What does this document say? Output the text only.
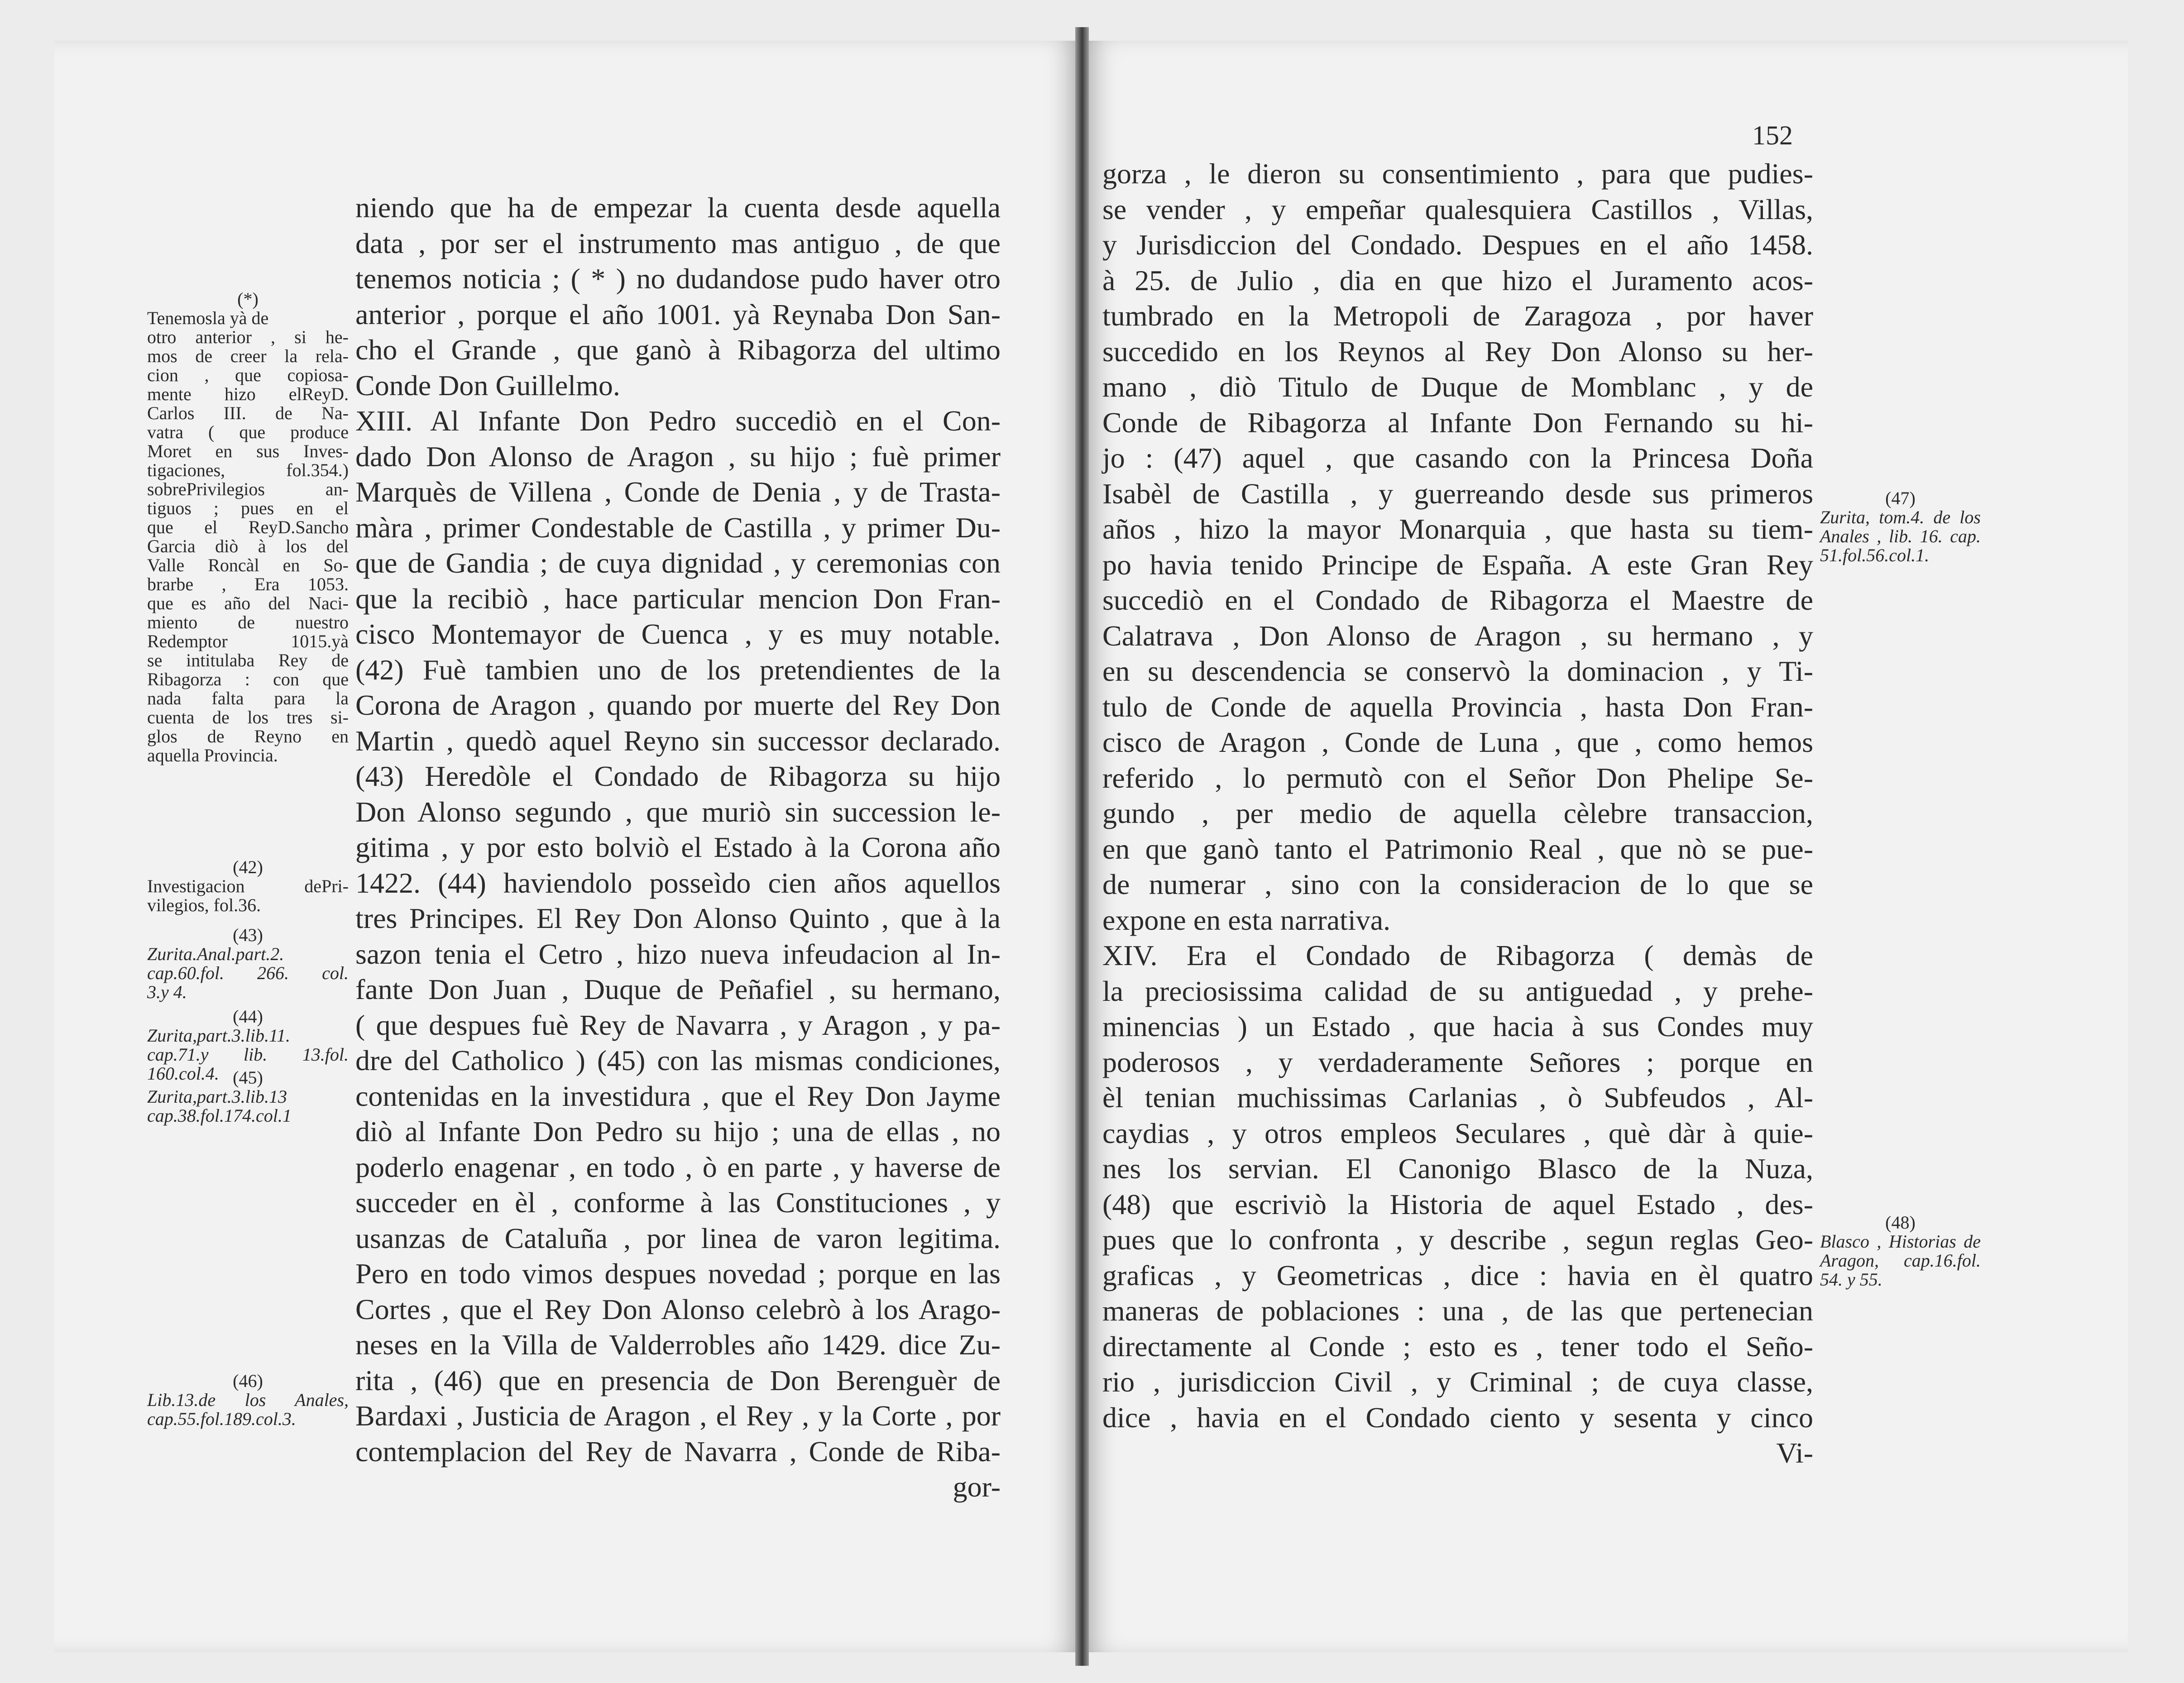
152
niendo que ha de empezar la cuenta desde aquella
data , por ser el instrumento mas antiguo , de que
tenemos noticia ; ( * ) no dudandose pudo haver otro
anterior , porque el año 1001. yà Reynaba Don San-
cho el Grande , que ganò à Ribagorza del ultimo
Conde Don Guillelmo.
XIII. Al Infante Don Pedro succediò en el Con-
dado Don Alonso de Aragon , su hijo ; fuè primer
Marquès de Villena , Conde de Denia , y de Trasta-
màra , primer Condestable de Castilla , y primer Du-
que de Gandia ; de cuya dignidad , y ceremonias con
que la recibiò , hace particular mencion Don Fran-
cisco Montemayor de Cuenca , y es muy notable.
(42) Fuè tambien uno de los pretendientes de la
Corona de Aragon , quando por muerte del Rey Don
Martin , quedò aquel Reyno sin successor declarado.
(43) Heredòle el Condado de Ribagorza su hijo
Don Alonso segundo , que muriò sin succession le-
gitima , y por esto bolviò el Estado à la Corona año
1422. (44) haviendolo posseìdo cien años aquellos
tres Principes. El Rey Don Alonso Quinto , que à la
sazon tenia el Cetro , hizo nueva infeudacion al In-
fante Don Juan , Duque de Peñafiel , su hermano,
( que despues fuè Rey de Navarra , y Aragon , y pa-
dre del Catholico ) (45) con las mismas condiciones,
contenidas en la investidura , que el Rey Don Jayme
diò al Infante Don Pedro su hijo ; una de ellas , no
poderlo enagenar , en todo , ò en parte , y haverse de
succeder en èl , conforme à las Constituciones , y
usanzas de Cataluña , por linea de varon legitima.
Pero en todo vimos despues novedad ; porque en las
Cortes , que el Rey Don Alonso celebrò à los Arago-
neses en la Villa de Valderrobles año 1429. dice Zu-
rita , (46) que en presencia de Don Berenguèr de
Bardaxi , Justicia de Aragon , el Rey , y la Corte , por
contemplacion del Rey de Navarra , Conde de Riba-
gor-
gorza , le dieron su consentimiento , para que pudies-
se vender , y empeñar qualesquiera Castillos , Villas,
y Jurisdiccion del Condado. Despues en el año 1458.
à 25. de Julio , dia en que hizo el Juramento acos-
tumbrado en la Metropoli de Zaragoza , por haver
succedido en los Reynos al Rey Don Alonso su her-
mano , diò Titulo de Duque de Momblanc , y de
Conde de Ribagorza al Infante Don Fernando su hi-
jo : (47) aquel , que casando con la Princesa Doña
Isabèl de Castilla , y guerreando desde sus primeros
años , hizo la mayor Monarquia , que hasta su tiem-
po havia tenido Principe de España. A este Gran Rey
succediò en el Condado de Ribagorza el Maestre de
Calatrava , Don Alonso de Aragon , su hermano , y
en su descendencia se conservò la dominacion , y Ti-
tulo de Conde de aquella Provincia , hasta Don Fran-
cisco de Aragon , Conde de Luna , que , como hemos
referido , lo permutò con el Señor Don Phelipe Se-
gundo , per medio de aquella cèlebre transaccion,
en que ganò tanto el Patrimonio Real , que nò se pue-
de numerar , sino con la consideracion de lo que se
expone en esta narrativa.
XIV. Era el Condado de Ribagorza ( demàs de
la preciosissima calidad de su antiguedad , y prehe-
minencias ) un Estado , que hacia à sus Condes muy
poderosos , y verdaderamente Señores ; porque en
èl tenian muchissimas Carlanias , ò Subfeudos , Al-
caydias , y otros empleos Seculares , què dàr à quie-
nes los servian. El Canonigo Blasco de la Nuza,
(48) que escriviò la Historia de aquel Estado , des-
pues que lo confronta , y describe , segun reglas Geo-
graficas , y Geometricas , dice : havia en èl quatro
maneras de poblaciones : una , de las que pertenecian
directamente al Conde ; esto es , tener todo el Seño-
rio , jurisdiccion Civil , y Criminal ; de cuya classe,
dice , havia en el Condado ciento y sesenta y cinco
Vi-
(*)
Tenemosla yà de
otro anterior , si he-
mos de creer la rela-
cion , que copiosa-
mente hizo elReyD.
Carlos III. de Na-
vatra ( que produce
Moret en sus Inves-
tigaciones, fol.354.)
sobrePrivilegios an-
tiguos ; pues en el
que el ReyD.Sancho
Garcia diò à los del
Valle Roncàl en So-
brarbe , Era 1053.
que es año del Naci-
miento de nuestro
Redemptor 1015.yà
se intitulaba Rey de
Ribagorza : con que
nada falta para la
cuenta de los tres si-
glos de Reyno en
aquella Provincia.
(42)
Investigacion dePri-
vilegios, fol.36.
(43)
Zurita.Anal.part.2.
cap.60.fol. 266. col.
3.y 4.
(44)
Zurita,part.3.lib.11.
cap.71.y lib. 13.fol.
160.col.4. (45)
Zurita,part.3.lib.13
cap.38.fol.174.col.1
(46)
Lib.13.de los Anales,
cap.55.fol.189.col.3.
(47)
Zurita, tom.4. de los
Anales , lib. 16. cap.
51.fol.56.col.1.
(48)
Blasco , Historias de
Aragon, cap.16.fol.
54. y 55.
